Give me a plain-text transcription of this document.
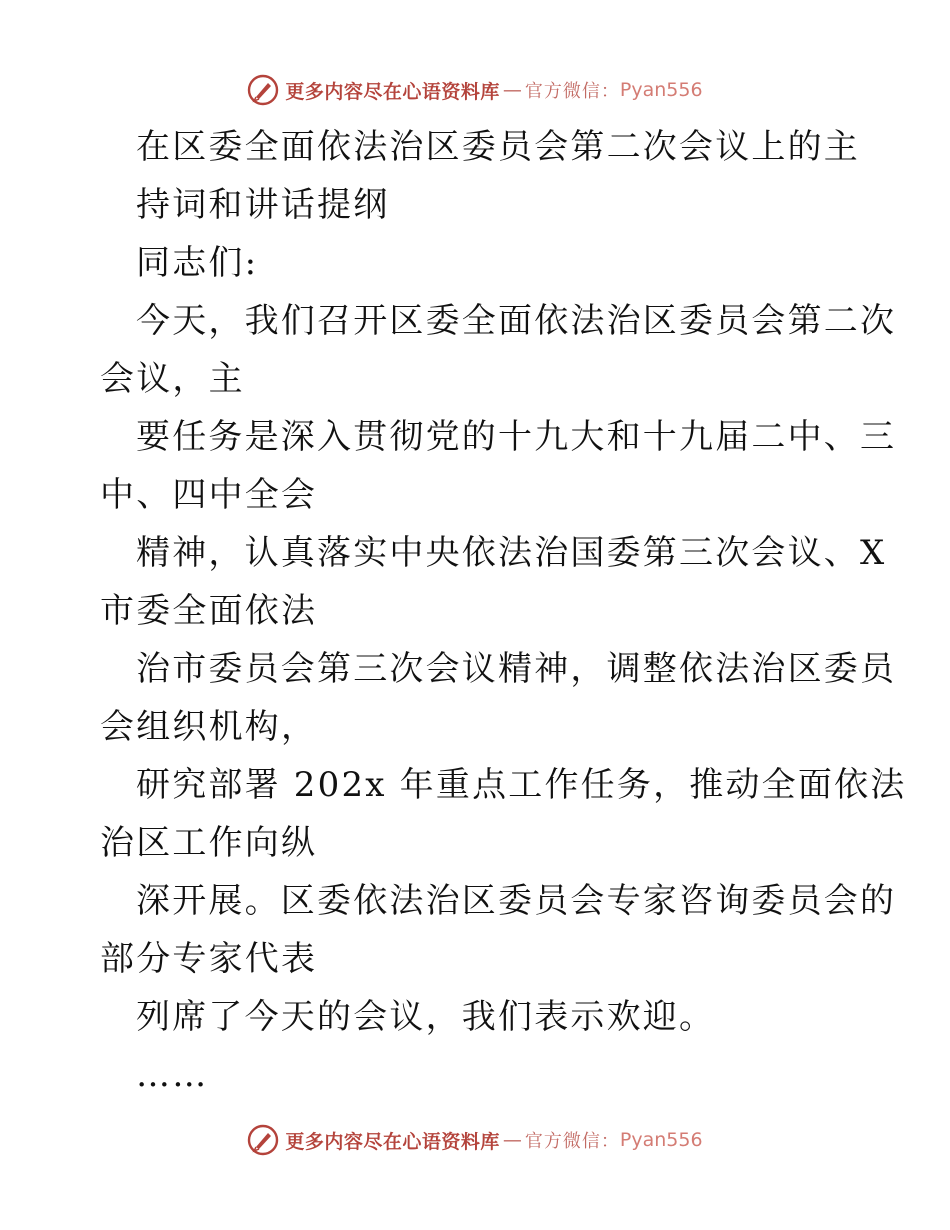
更多内容尽在心语资料库 — 官方微信： Pyan556

在区委全面依法治区委员会第二次会议上的主

持词和讲话提纲

同志们:

今天，我们召开区委全面依法治区委员会第二次

会议，主

要任务是深入贯彻党的十九大和十九届二中、三

中、四中全会

精神，认真落实中央依法治国委第三次会议、X

市委全面依法

治市委员会第三次会议精神，调整依法治区委员

会组织机构，

研究部署 202x 年重点工作任务，推动全面依法

治区工作向纵

深开展。区委依法治区委员会专家咨询委员会的

部分专家代表

列席了今天的会议，我们表示欢迎。

……

更多内容尽在心语资料库 — 官方微信： Pyan556
